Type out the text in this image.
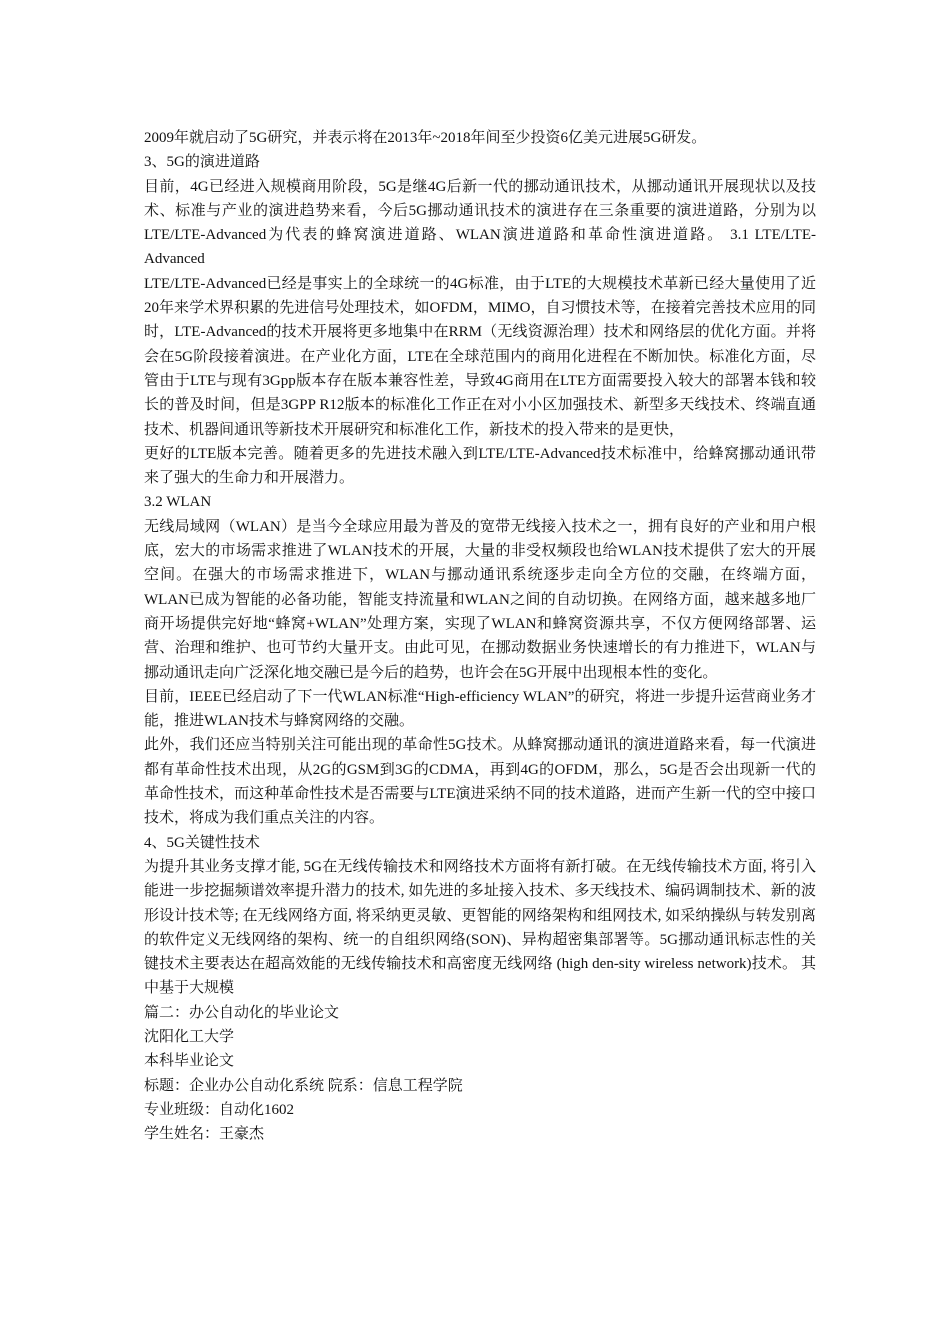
2009年就启动了5G研究，并表示将在2013年~2018年间至少投资6亿美元进展5G研发。

3、5G的演进道路

目前，4G已经进入规模商用阶段，5G是继4G后新一代的挪动通讯技术，从挪动通讯开展现状以及技术、标准与产业的演进趋势来看，今后5G挪动通讯技术的演进存在三条重要的演进道路，分别为以LTE/LTE-Advanced为代表的蜂窝演进道路、WLAN演进道路和革命性演进道路。 3.1 LTE/LTE-Advanced

LTE/LTE-Advanced已经是事实上的全球统一的4G标准，由于LTE的大规模技术革新已经大量使用了近20年来学术界积累的先进信号处理技术，如OFDM，MIMO，自习惯技术等，在接着完善技术应用的同时，LTE-Advanced的技术开展将更多地集中在RRM（无线资源治理）技术和网络层的优化方面。并将会在5G阶段接着演进。在产业化方面，LTE在全球范围内的商用化进程在不断加快。标准化方面，尽管由于LTE与现有3Gpp版本存在版本兼容性差，导致4G商用在LTE方面需要投入较大的部署本钱和较长的普及时间，但是3GPP R12版本的标准化工作正在对小小区加强技术、新型多天线技术、终端直通技术、机器间通讯等新技术开展研究和标准化工作，新技术的投入带来的是更快，

更好的LTE版本完善。随着更多的先进技术融入到LTE/LTE-Advanced技术标准中，给蜂窝挪动通讯带来了强大的生命力和开展潜力。

3.2 WLAN

无线局域网（WLAN）是当今全球应用最为普及的宽带无线接入技术之一，拥有良好的产业和用户根底，宏大的市场需求推进了WLAN技术的开展，大量的非受权频段也给WLAN技术提供了宏大的开展空间。在强大的市场需求推进下，WLAN与挪动通讯系统逐步走向全方位的交融，在终端方面，WLAN已成为智能的必备功能，智能支持流量和WLAN之间的自动切换。在网络方面，越来越多地厂商开场提供完好地“蜂窝+WLAN”处理方案，实现了WLAN和蜂窝资源共享，不仅方便网络部署、运营、治理和维护、也可节约大量开支。由此可见，在挪动数据业务快速增长的有力推进下，WLAN与挪动通讯走向广泛深化地交融已是今后的趋势，也许会在5G开展中出现根本性的变化。

目前，IEEE已经启动了下一代WLAN标准“High-efficiency WLAN”的研究，将进一步提升运营商业务才能，推进WLAN技术与蜂窝网络的交融。

此外，我们还应当特别关注可能出现的革命性5G技术。从蜂窝挪动通讯的演进道路来看，每一代演进都有革命性技术出现，从2G的GSM到3G的CDMA，再到4G的OFDM，那么，5G是否会出现新一代的革命性技术，而这种革命性技术是否需要与LTE演进采纳不同的技术道路，进而产生新一代的空中接口技术，将成为我们重点关注的内容。

4、5G关键性技术

为提升其业务支撑才能, 5G在无线传输技术和网络技术方面将有新打破。在无线传输技术方面, 将引入能进一步挖掘频谱效率提升潜力的技术, 如先进的多址接入技术、多天线技术、编码调制技术、新的波形设计技术等; 在无线网络方面, 将采纳更灵敏、更智能的网络架构和组网技术, 如采纳操纵与转发别离的软件定义无线网络的架构、统一的自组织网络(SON)、异构超密集部署等。5G挪动通讯标志性的关键技术主要表达在超高效能的无线传输技术和高密度无线网络 (high den-sity wireless network)技术。 其中基于大规模

篇二：办公自动化的毕业论文

沈阳化工大学

本科毕业论文

标题：企业办公自动化系统 院系：信息工程学院

专业班级：自动化1602

学生姓名：王豪杰
